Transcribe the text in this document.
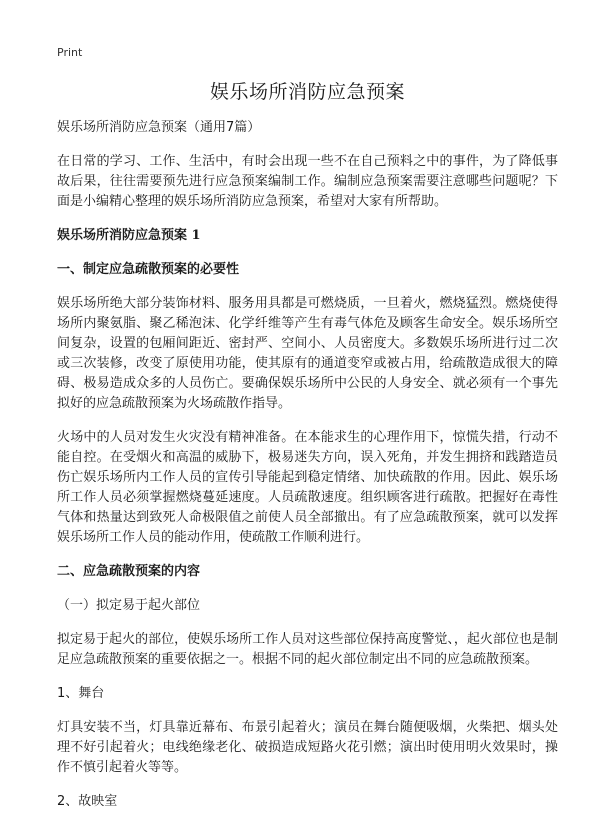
Print
娱乐场所消防应急预案

娱乐场所消防应急预案（通用7篇）

在日常的学习、工作、生活中，有时会出现一些不在自己预料之中的事件，为了降低事故后果，往往需要预先进行应急预案编制工作。编制应急预案需要注意哪些问题呢？下面是小编精心整理的娱乐场所消防应急预案，希望对大家有所帮助。

娱乐场所消防应急预案 1
一、制定应急疏散预案的必要性

娱乐场所绝大部分装饰材料、服务用具都是可燃烧质，一旦着火，燃烧猛烈。燃烧使得场所内聚氨脂、聚乙稀泡沫、化学纤维等产生有毒气体危及顾客生命安全。娱乐场所空间复杂，设置的包厢间距近、密封严、空间小、人员密度大。多数娱乐场所进行过二次或三次装修，改变了原使用功能，使其原有的通道变窄或被占用，给疏散造成很大的障碍、极易造成众多的人员伤亡。要确保娱乐场所中公民的人身安全、就必须有一个事先拟好的应急疏散预案为火场疏散作指导。

火场中的人员对发生火灾没有精神准备。在本能求生的心理作用下，惊慌失措，行动不能自控。在受烟火和高温的威胁下，极易迷失方向，误入死角，并发生拥挤和践踏造员伤亡娱乐场所内工作人员的宣传引导能起到稳定情绪、加快疏散的作用。因此、娱乐场所工作人员必须掌握燃烧蔓延速度。人员疏散速度。组织顾客进行疏散。把握好在毒性气体和热量达到致死人命极限值之前使人员全部撤出。有了应急疏散预案，就可以发挥娱乐场所工作人员的能动作用，使疏散工作顺利进行。

二、应急疏散预案的内容

（一）拟定易于起火部位

拟定易于起火的部位，使娱乐场所工作人员对这些部位保持高度警觉、，起火部位也是制足应急疏散预案的重要依据之一。根据不同的起火部位制定出不同的应急疏散预案。

1、舞台

灯具安装不当，灯具靠近幕布、布景引起着火；演员在舞台随便吸烟，火柴把、烟头处理不好引起着火；电线绝缘老化、破损造成短路火花引燃；演出时使用明火效果时，操作不慎引起着火等等。

2、故映室
